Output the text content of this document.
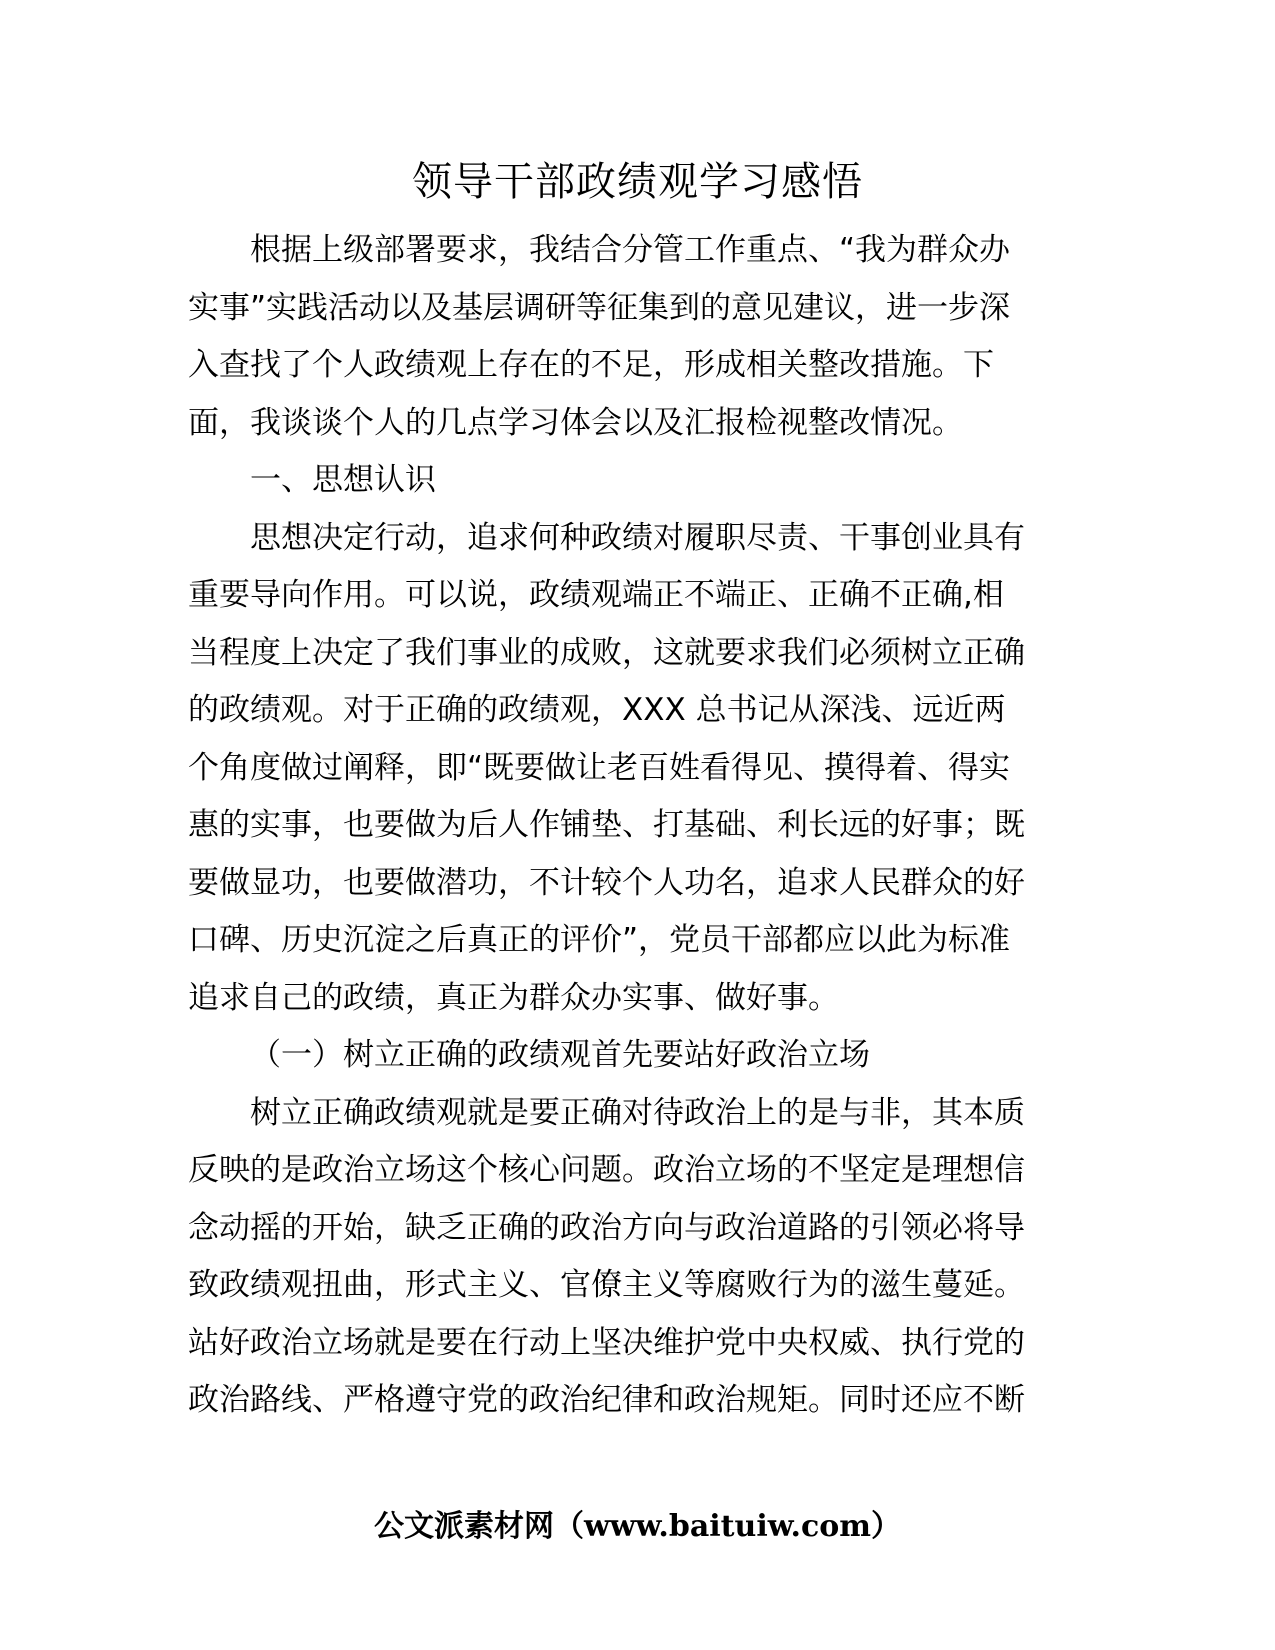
领导干部政绩观学习感悟

根据上级部署要求，我结合分管工作重点、“我为群众办
实事”实践活动以及基层调研等征集到的意见建议，进一步深
入查找了个人政绩观上存在的不足，形成相关整改措施。下
面，我谈谈个人的几点学习体会以及汇报检视整改情况。

一、思想认识

思想决定行动，追求何种政绩对履职尽责、干事创业具有
重要导向作用。可以说，政绩观端正不端正、正确不正确,相
当程度上决定了我们事业的成败，这就要求我们必须树立正确
的政绩观。对于正确的政绩观，XXX 总书记从深浅、远近两
个角度做过阐释，即“既要做让老百姓看得见、摸得着、得实
惠的实事，也要做为后人作铺垫、打基础、利长远的好事；既
要做显功，也要做潜功，不计较个人功名，追求人民群众的好
口碑、历史沉淀之后真正的评价”，党员干部都应以此为标准
追求自己的政绩，真正为群众办实事、做好事。

（一）树立正确的政绩观首先要站好政治立场

树立正确政绩观就是要正确对待政治上的是与非，其本质
反映的是政治立场这个核心问题。政治立场的不坚定是理想信
念动摇的开始，缺乏正确的政治方向与政治道路的引领必将导
致政绩观扭曲，形式主义、官僚主义等腐败行为的滋生蔓延。
站好政治立场就是要在行动上坚决维护党中央权威、执行党的
政治路线、严格遵守党的政治纪律和政治规矩。同时还应不断

公文派素材网（www.baituiw.com）
